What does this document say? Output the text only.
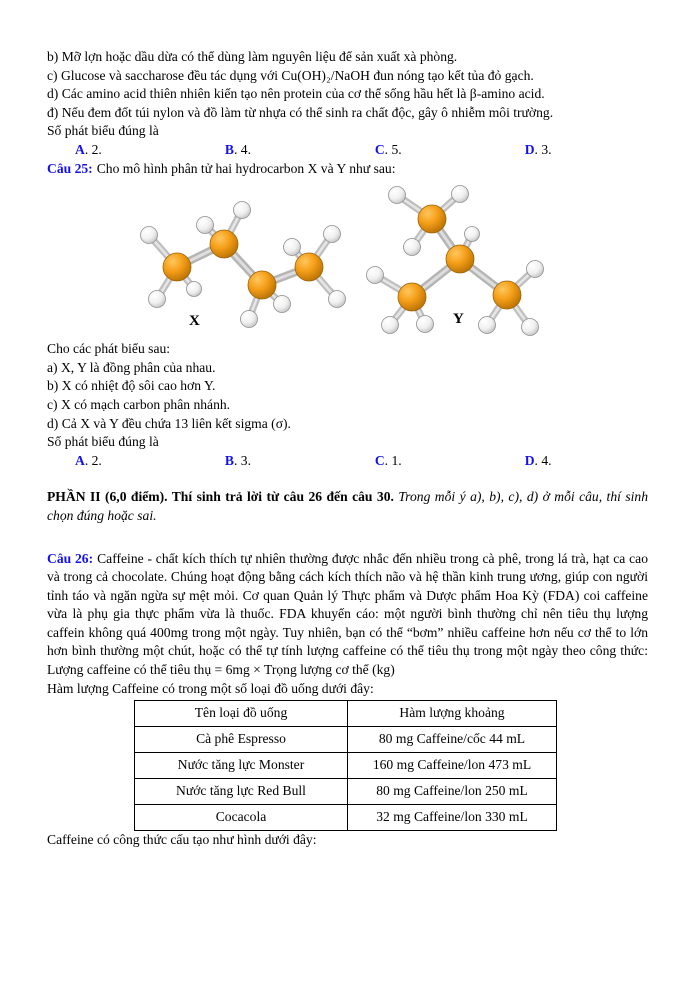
b) Mỡ lợn hoặc dầu dừa có thể dùng làm nguyên liệu để sản xuất xà phòng.
c) Glucose và saccharose đều tác dụng với Cu(OH)₂/NaOH đun nóng tạo kết tủa đỏ gạch.
d) Các amino acid thiên nhiên kiến tạo nên protein của cơ thể sống hầu hết là β-amino acid.
đ) Nếu đem đốt túi nylon và đồ làm từ nhựa có thể sinh ra chất độc, gây ô nhiễm môi trường.
Số phát biểu đúng là
A. 2.	B. 4.	C. 5.	D. 3.
Câu 25: Cho mô hình phân tử hai hydrocarbon X và Y như sau:
X	Y
Cho các phát biểu sau:
a) X, Y là đồng phân của nhau.
b) X có nhiệt độ sôi cao hơn Y.
c) X có mạch carbon phân nhánh.
d) Cả X và Y đều chứa 13 liên kết sigma (σ).
Số phát biểu đúng là
A. 2.	B. 3.	C. 1.	D. 4.
PHẦN II (6,0 điểm). Thí sinh trả lời từ câu 26 đến câu 30. Trong mỗi ý a), b), c), d) ở mỗi câu, thí sinh chọn đúng hoặc sai.
Câu 26: Caffeine - chất kích thích tự nhiên thường được nhắc đến nhiều trong cà phê, trong lá trà, hạt ca cao và trong cả chocolate. Chúng hoạt động bằng cách kích thích não và hệ thần kinh trung ương, giúp con người tỉnh táo và ngăn ngừa sự mệt mỏi. Cơ quan Quản lý Thực phẩm và Dược phẩm Hoa Kỳ (FDA) coi caffeine vừa là phụ gia thực phẩm vừa là thuốc. FDA khuyến cáo: một người bình thường chỉ nên tiêu thụ lượng caffein không quá 400mg trong một ngày. Tuy nhiên, bạn có thể “bơm” nhiều caffeine hơn nếu cơ thể to lớn hơn bình thường một chút, hoặc có thể tự tính lượng caffeine có thể tiêu thụ trong một ngày theo công thức: Lượng caffeine có thể tiêu thụ = 6mg × Trọng lượng cơ thể (kg)
Hàm lượng Caffeine có trong một số loại đồ uống dưới đây:
Tên loại đồ uống	Hàm lượng khoảng
Cà phê Espresso	80 mg Caffeine/cốc 44 mL
Nước tăng lực Monster	160 mg Caffeine/lon 473 mL
Nước tăng lực Red Bull	80 mg Caffeine/lon 250 mL
Cocacola	32 mg Caffeine/lon 330 mL
Caffeine có công thức cấu tạo như hình dưới đây:
